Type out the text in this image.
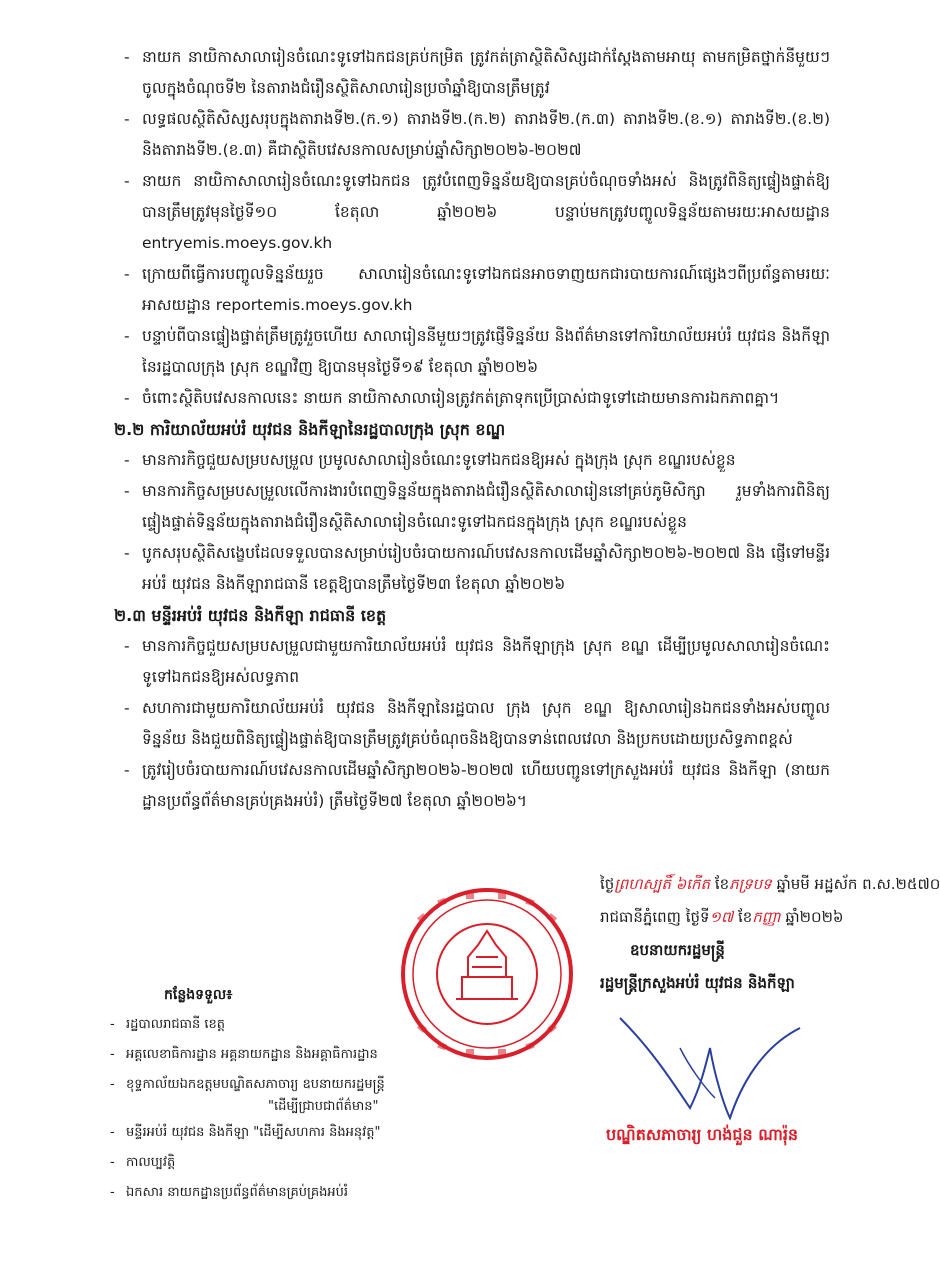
- នាយក នាយិកាសាលារៀនចំណេះទូទៅឯកជនគ្រប់កម្រិត ត្រូវកត់ត្រាស្ថិតិសិស្សដាក់ស្ដែងតាមអាយុ តាមកម្រិតថ្នាក់នីមួយៗចូលក្នុងចំណុចទី២ នៃតារាងជំរឿនស្ថិតិសាលារៀនប្រចាំឆ្នាំឱ្យបានត្រឹមត្រូវ
- លទ្ធផលស្ថិតិសិស្សសរុបក្នុងតារាងទី២.(ក.១) តារាងទី២.(ក.២) តារាងទី២.(ក.៣) តារាងទី២.(ខ.១) តារាងទី២.(ខ.២) និងតារាងទី២.(ខ.៣) គឺជាស្ថិតិបវេសនកាលសម្រាប់ឆ្នាំសិក្សា២០២៦-២០២៧
- នាយក នាយិកាសាលារៀនចំណេះទូទៅឯកជន ត្រូវបំពេញទិន្នន័យឱ្យបានគ្រប់ចំណុចទាំងអស់ និងត្រូវពិនិត្យផ្ទៀងផ្ទាត់ឱ្យបានត្រឹមត្រូវមុនថ្ងៃទី១០ ខែតុលា ឆ្នាំ២០២៦ បន្ទាប់មកត្រូវបញ្ចូលទិន្នន័យតាមរយៈអាសយដ្ឋាន entryemis.moeys.gov.kh
- ក្រោយពីធ្វើការបញ្ចូលទិន្នន័យរួច សាលារៀនចំណេះទូទៅឯកជនអាចទាញយកជារបាយការណ៍ផ្សេងៗពីប្រព័ន្ធតាមរយៈអាសយដ្ឋាន reportemis.moeys.gov.kh
- បន្ទាប់ពីបានផ្ទៀងផ្ទាត់ត្រឹមត្រូវរួចហើយ សាលារៀននីមួយៗត្រូវផ្ញើទិន្នន័យ និងព័ត៌មានទៅការិយាល័យអប់រំ យុវជន និងកីឡានៃរដ្ឋបាលក្រុង ស្រុក ខណ្ឌវិញ ឱ្យបានមុនថ្ងៃទី១៩ ខែតុលា ឆ្នាំ២០២៦
- ចំពោះស្ថិតិបវេសនកាលនេះ នាយក នាយិកាសាលារៀនត្រូវកត់ត្រាទុកប្រើប្រាស់ជាទូទៅដោយមានការឯកភាពគ្នា។
២.២ ការិយាល័យអប់រំ យុវជន និងកីឡានៃរដ្ឋបាលក្រុង ស្រុក ខណ្ឌ
- មានការកិច្ចជួយសម្របសម្រួល ប្រមូលសាលារៀនចំណេះទូទៅឯកជនឱ្យអស់ ក្នុងក្រុង ស្រុក ខណ្ឌរបស់ខ្លួន
- មានការកិច្ចសម្របសម្រួលលើការងារបំពេញទិន្នន័យក្នុងតារាងជំរឿនស្ថិតិសាលារៀននៅគ្រប់ភូមិសិក្សា រួមទាំងការពិនិត្យផ្ទៀងផ្ទាត់ទិន្នន័យក្នុងតារាងជំរឿនស្ថិតិសាលារៀនចំណេះទូទៅឯកជនក្នុងក្រុង ស្រុក ខណ្ឌរបស់ខ្លួន
- បូកសរុបស្ថិតិសង្ខេបដែលទទួលបានសម្រាប់រៀបចំរបាយការណ៍បវេសនកាលដើមឆ្នាំសិក្សា២០២៦-២០២៧ និង ផ្ញើទៅមន្ទីរអប់រំ យុវជន និងកីឡារាជធានី ខេត្តឱ្យបានត្រឹមថ្ងៃទី២៣ ខែតុលា ឆ្នាំ២០២៦
២.៣ មន្ទីរអប់រំ យុវជន និងកីឡា រាជធានី ខេត្ត
- មានការកិច្ចជួយសម្របសម្រួលជាមួយការិយាល័យអប់រំ យុវជន និងកីឡាក្រុង ស្រុក ខណ្ឌ ដើម្បីប្រមូលសាលារៀនចំណេះទូទៅឯកជនឱ្យអស់លទ្ធភាព
- សហការជាមួយការិយាល័យអប់រំ យុវជន និងកីឡានៃរដ្ឋបាល ក្រុង ស្រុក ខណ្ឌ ឱ្យសាលារៀនឯកជនទាំងអស់បញ្ចូលទិន្នន័យ និងជួយពិនិត្យផ្ទៀងផ្ទាត់ឱ្យបានត្រឹមត្រូវគ្រប់ចំណុចនិងឱ្យបានទាន់ពេលវេលា និងប្រកបដោយប្រសិទ្ធភាពខ្ពស់
- ត្រូវរៀបចំរបាយការណ៍បវេសនកាលដើមឆ្នាំសិក្សា២០២៦-២០២៧ ហើយបញ្ជូនទៅក្រសួងអប់រំ យុវជន និងកីឡា (នាយកដ្ឋានប្រព័ន្ធព័ត៌មានគ្រប់គ្រងអប់រំ) ត្រឹមថ្ងៃទី២៧ ខែតុលា ឆ្នាំ២០២៦។
ថ្ងៃព្រហស្បតិ៍ ៦កើត ខែភទ្របទ ឆ្នាំមមី អដ្ឋស័ក ព.ស.២៥៧០
រាជធានីភ្នំពេញ ថ្ងៃទី១៧ ខែកញ្ញា ឆ្នាំ២០២៦
ឧបនាយករដ្ឋមន្ត្រី
រដ្ឋមន្ត្រីក្រសួងអប់រំ យុវជន និងកីឡា
បណ្ឌិតសភាចារ្យ ហង់ជួន ណារ៉ុន
កន្លែងទទួល៖
- រដ្ឋបាលរាជធានី ខេត្ត
- អគ្គលេខាធិការដ្ឋាន អគ្គនាយកដ្ឋាន និងអគ្គាធិការដ្ឋាន
- ខុទ្ទកាល័យឯកឧត្តមបណ្ឌិតសភាចារ្យ ឧបនាយករដ្ឋមន្ត្រី
"ដើម្បីជ្រាបជាព័ត៌មាន"
- មន្ទីរអប់រំ យុវជន និងកីឡា "ដើម្បីសហការ និងអនុវត្ត"
- កាលប្បវត្តិ
- ឯកសារ នាយកដ្ឋានប្រព័ន្ធព័ត៌មានគ្រប់គ្រងអប់រំ
